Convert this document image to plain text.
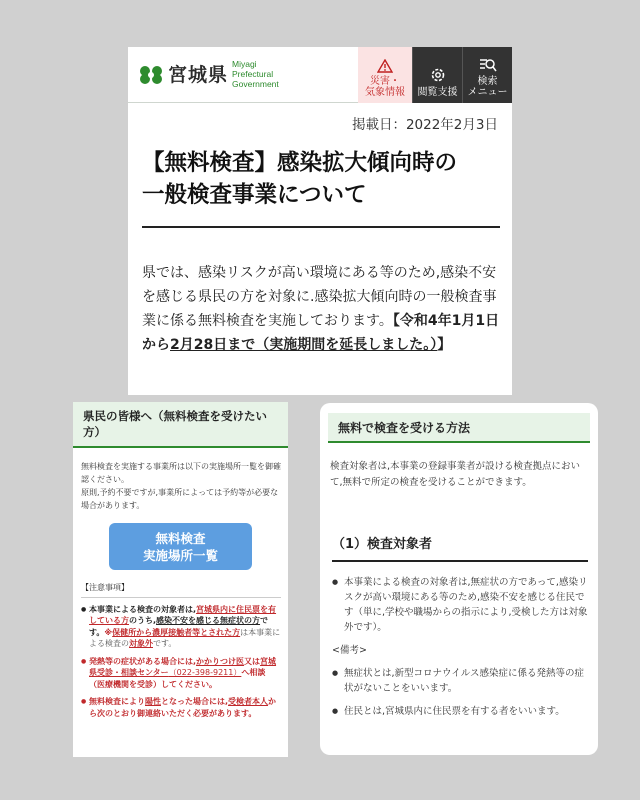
宮城県 Miyagi
Prefectural
Government	災害・
気象情報 閲覧支援
検索
メニュー
掲載日：2022年2月3日
【無料検査】感染拡大傾向時の
一般検査事業について
県では、感染リスクが高い環境にある等のため,感染不安を感じる県民の方を対象に.感染拡大傾向時の一般検査事業に係る無料検査を実施しております。【令和4年1月1日から2月28日まで（実施期間を延長しました。）】
県民の皆様へ（無料検査を受けたい方）
無料検査を実施する事業所は以下の実施場所一覧を御確認ください。
原則,予約不要ですが,事業所によっては予約等が必要な場合があります。
無料検査
実施場所一覧
【注意事項】
● 本事業による検査の対象者は,宮城県内に住民票を有している方のうち,感染不安を感じる無症状の方です。※保健所から濃厚接触者等とされた方は本事業による検査の対象外です。
● 発熱等の症状がある場合には,かかりつけ医又は宮城県受診・相談センター（022-398-9211）へ相談（医療機関を受診）してください。
● 無料検査により陽性となった場合には,受検者本人から次のとおり御連絡いただく必要があります。
無料で検査を受ける方法
検査対象者は,本事業の登録事業者が設ける検査拠点において,無料で所定の検査を受けることができます。
（1）検査対象者
● 本事業による検査の対象者は,無症状の方であって,感染リスクが高い環境にある等のため,感染不安を感じる住民です（単に,学校や職場からの指示により,受検した方は対象外です）。
<備考>
● 無症状とは,新型コロナウイルス感染症に係る発熱等の症状がないことをいいます。
● 住民とは,宮城県内に住民票を有する者をいいます。
